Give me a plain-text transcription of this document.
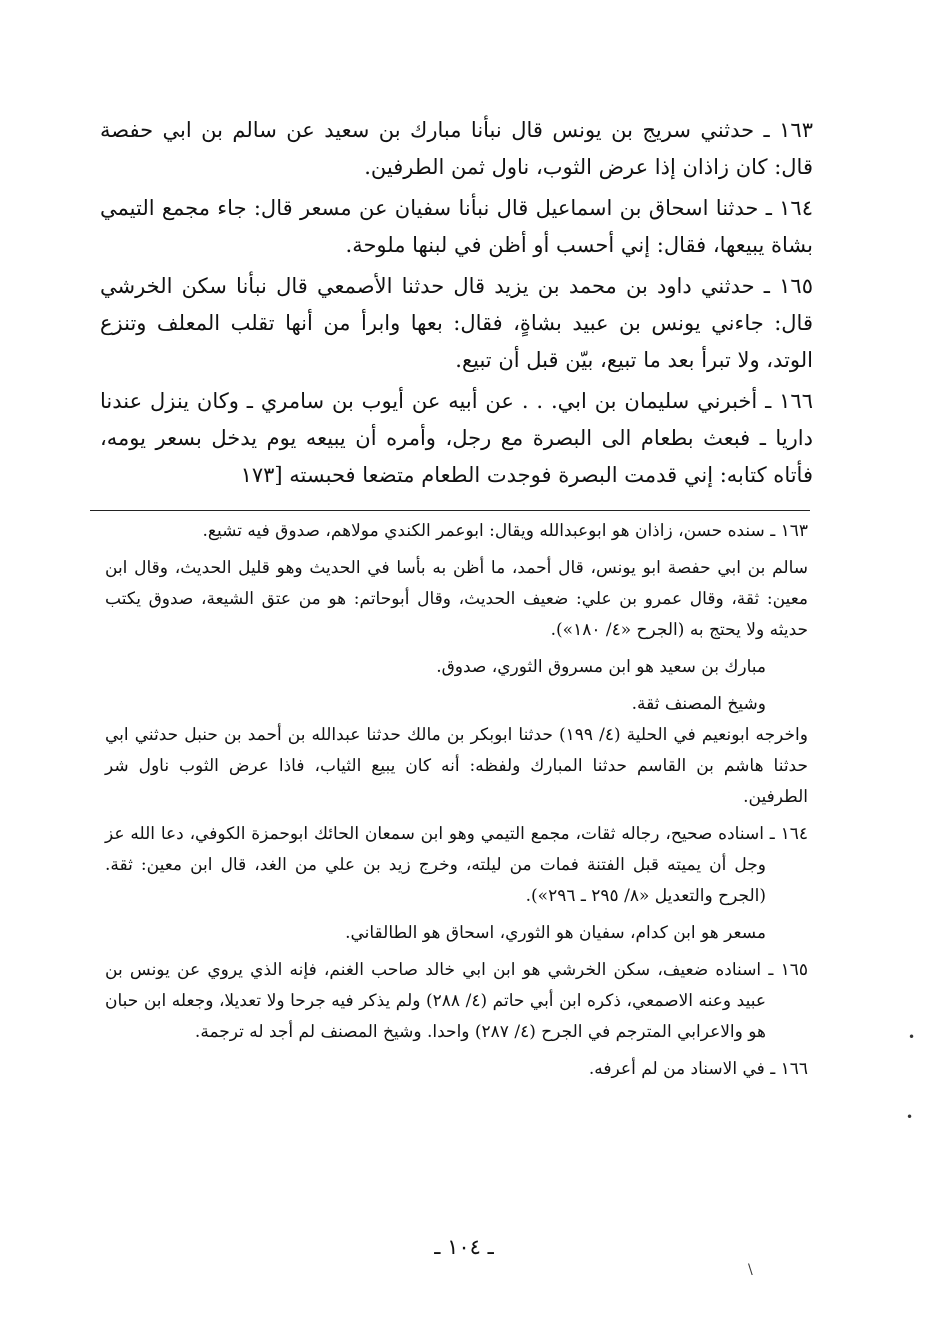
١٦٣ ـ حدثني سريج بن يونس قال نبأنا مبارك بن سعيد عن سالم بن ابي حفصة قال: كان زاذان إذا عرض الثوب، ناول ثمن الطرفين.

١٦٤ ـ حدثنا اسحاق بن اسماعيل قال نبأنا سفيان عن مسعر قال: جاء مجمع التيمي بشاة يبيعها، فقال: إني أحسب أو أظن في لبنها ملوحة.

١٦٥ ـ حدثني داود بن محمد بن يزيد قال حدثنا الأصمعي قال نبأنا سكن الخرشي قال: جاءني يونس بن عبيد بشاةٍ، فقال: بعها وابرأ من أنها تقلب المعلف وتنزع الوتد، ولا تبرأ بعد ما تبيع، بيّن قبل أن تبيع.

١٦٦ ـ أخبرني سليمان بن ابي. . . عن أبيه عن أيوب بن سامري ـ وكان ينزل عندنا داريا ـ فبعث بطعام الى البصرة مع رجل، وأمره أن يبيعه يوم يدخل بسعر يومه، فأتاه كتابه: إني قدمت البصرة فوجدت الطعام متضعا فحبسته [١٧٣

١٦٣ ـ سنده حسن، زاذان هو ابوعبدالله ويقال: ابوعمر الكندي مولاهم، صدوق فيه تشيع.

سالم بن ابي حفصة ابو يونس، قال أحمد، ما أظن به بأسا في الحديث وهو قليل الحديث، وقال ابن معين: ثقة، وقال عمرو بن علي: ضعيف الحديث، وقال أبوحاتم: هو من عتق الشيعة، صدوق يكتب حديثه ولا يحتج به (الجرح «٤/ ١٨٠»).

مبارك بن سعيد هو ابن مسروق الثوري، صدوق.

وشيخ المصنف ثقة.

واخرجه ابونعيم في الحلية (٤/ ١٩٩) حدثنا ابوبكر بن مالك حدثنا عبدالله بن أحمد بن حنبل حدثني ابي حدثنا هاشم بن القاسم حدثنا المبارك ولفظه: أنه كان يبيع الثياب، فاذا عرض الثوب ناول شر الطرفين.

١٦٤ ـ اسناده صحيح، رجاله ثقات، مجمع التيمي وهو ابن سمعان الحائك ابوحمزة الكوفي، دعا الله عز وجل أن يميته قبل الفتنة فمات من ليلته، وخرج زيد بن علي من الغد، قال ابن معين: ثقة. (الجرح والتعديل «٨/ ٢٩٥ ـ ٢٩٦»).

مسعر هو ابن كدام، سفيان هو الثوري، اسحاق هو الطالقاني.

١٦٥ ـ اسناده ضعيف، سكن الخرشي هو ابن ابي خالد صاحب الغنم، فإنه الذي يروي عن يونس بن عبيد وعنه الاصمعي، ذكره ابن أبي حاتم (٤/ ٢٨٨) ولم يذكر فيه جرحا ولا تعديلا، وجعله ابن حبان هو والاعرابي المترجم في الجرح (٤/ ٢٨٧) واحدا. وشيخ المصنف لم أجد له ترجمة.

١٦٦ ـ في الاسناد من لم أعرفه.

ـ ١٠٤ ـ
•
•
\
